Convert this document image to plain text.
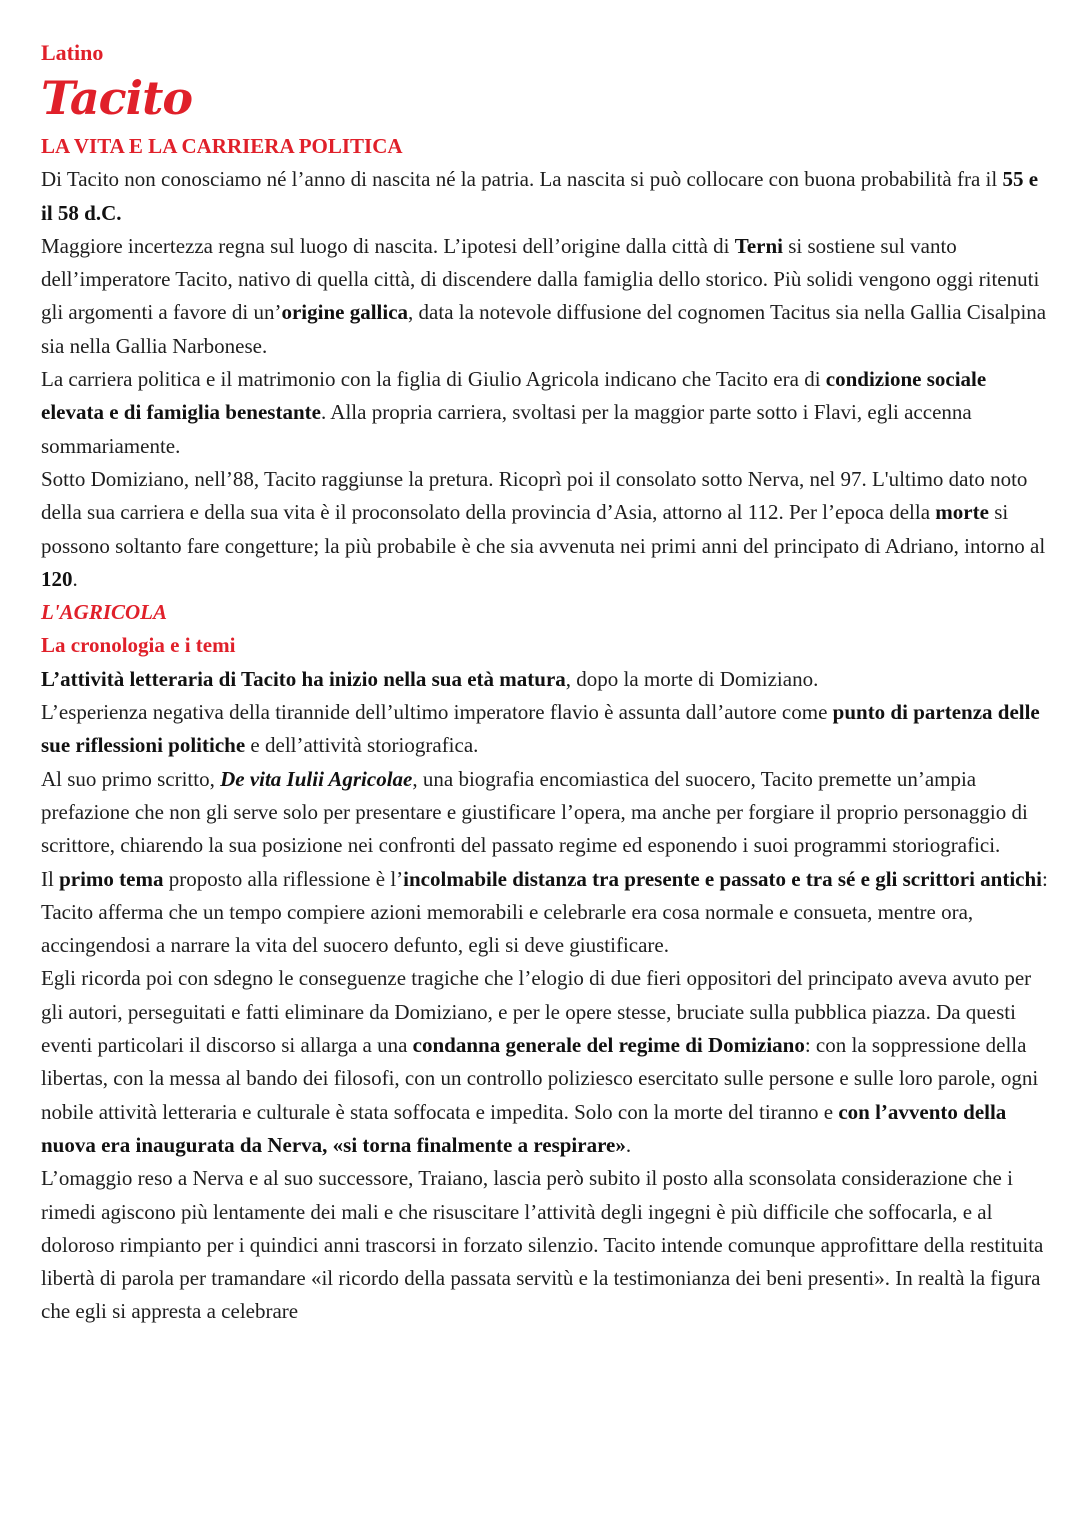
Latino
Tacito
LA VITA E LA CARRIERA POLITICA
Di Tacito non conosciamo né l’anno di nascita né la patria. La nascita si può collocare con buona probabilità fra il 55 e il 58 d.C.
Maggiore incertezza regna sul luogo di nascita. L’ipotesi dell’origine dalla città di Terni si sostiene sul vanto dell’imperatore Tacito, nativo di quella città, di discendere dalla famiglia dello storico. Più solidi vengono oggi ritenuti gli argomenti a favore di un’origine gallica, data la notevole diffusione del cognomen Tacitus sia nella Gallia Cisalpina sia nella Gallia Narbonese.
La carriera politica e il matrimonio con la figlia di Giulio Agricola indicano che Tacito era di condizione sociale elevata e di famiglia benestante. Alla propria carriera, svoltasi per la maggior parte sotto i Flavi, egli accenna sommariamente.
Sotto Domiziano, nell’88, Tacito raggiunse la pretura. Ricoprì poi il consolato sotto Nerva, nel 97. L'ultimo dato noto della sua carriera e della sua vita è il proconsolato della provincia d’Asia, attorno al 112. Per l’epoca della morte si possono soltanto fare congetture; la più probabile è che sia avvenuta nei primi anni del principato di Adriano, intorno al 120.
L'AGRICOLA
La cronologia e i temi
L’attività letteraria di Tacito ha inizio nella sua età matura, dopo la morte di Domiziano.
L’esperienza negativa della tirannide dell’ultimo imperatore flavio è assunta dall’autore come punto di partenza delle sue riflessioni politiche e dell’attività storiografica.
Al suo primo scritto, De vita Iulii Agricolae, una biografia encomiastica del suocero, Tacito premette un’ampia prefazione che non gli serve solo per presentare e giustificare l’opera, ma anche per forgiare il proprio personaggio di scrittore, chiarendo la sua posizione nei confronti del passato regime ed esponendo i suoi programmi storiografici.
Il primo tema proposto alla riflessione è l’incolmabile distanza tra presente e passato e tra sé e gli scrittori antichi: Tacito afferma che un tempo compiere azioni memorabili e celebrarle era cosa normale e consueta, mentre ora, accingendosi a narrare la vita del suocero defunto, egli si deve giustificare.
Egli ricorda poi con sdegno le conseguenze tragiche che l’elogio di due fieri oppositori del principato aveva avuto per gli autori, perseguitati e fatti eliminare da Domiziano, e per le opere stesse, bruciate sulla pubblica piazza. Da questi eventi particolari il discorso si allarga a una condanna generale del regime di Domiziano: con la soppressione della libertas, con la messa al bando dei filosofi, con un controllo poliziesco esercitato sulle persone e sulle loro parole, ogni nobile attività letteraria e culturale è stata soffocata e impedita. Solo con la morte del tiranno e con l’avvento della nuova era inaugurata da Nerva, «si torna finalmente a respirare».
L’omaggio reso a Nerva e al suo successore, Traiano, lascia però subito il posto alla sconsolata considerazione che i rimedi agiscono più lentamente dei mali e che risuscitare l’attività degli ingegni è più difficile che soffocarla, e al doloroso rimpianto per i quindici anni trascorsi in forzato silenzio. Tacito intende comunque approfittare della restituita libertà di parola per tramandare «il ricordo della passata servitù e la testimonianza dei beni presenti». In realtà la figura che egli si appresta a celebrare
